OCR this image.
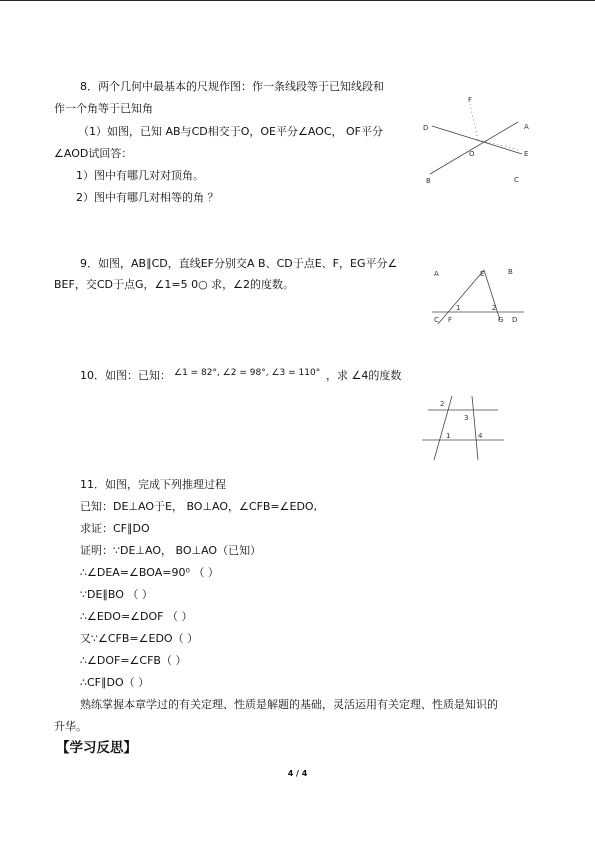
8．两个几何中最基本的尺规作图：作一条线段等于已知线段和
作一个角等于已知角
（1）如图，已知 AB与CD相交于O，OE平分∠AOC， OF平分
∠AOD试回答：
1）图中有哪几对对顶角。
2）图中有哪几对相等的角 ？
F
D	A
O	E
B	C
9．如图，AB∥CD，直线EF分别交A B、CD于点E、F，EG平分∠
BEF，交CD于点G，∠1=5 0○ 求，∠2的度数。
A	E	B
1	2
C F	G D
10．如图：已知： ∠1 = 82°, ∠2 = 98°, ∠3 = 110° ，求 ∠4的度数
2
3
1	4
11．如图，完成下列推理过程
已知：DE⊥AO于E， BO⊥AO，∠CFB=∠EDO,
求证：CF∥DO
证明：∵DE⊥AO， BO⊥AO（已知）
∴∠DEA=∠BOA=90⁰ （ ）
∵DE∥BO （ ）
∴∠EDO=∠DOF （ ）
又∵∠CFB=∠EDO（ ）
∴∠DOF=∠CFB（ ）
∴CF∥DO（ ）
熟练掌握本章学过的有关定理、性质是解题的基础，灵活运用有关定理、性质是知识的
升华。
【学习反思】
4 / 4
